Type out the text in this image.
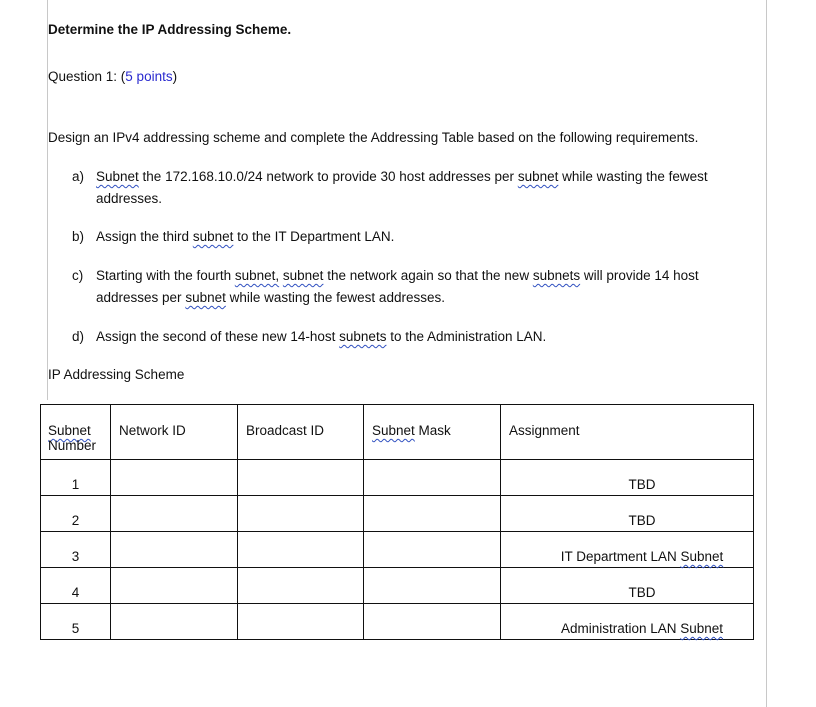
Determine the IP Addressing Scheme.
Question 1: (5 points)
Design an IPv4 addressing scheme and complete the Addressing Table based on the following requirements.
a) Subnet the 172.168.10.0/24 network to provide 30 host addresses per subnet while wasting the fewest
addresses.
b) Assign the third subnet to the IT Department LAN.
c) Starting with the fourth subnet, subnet the network again so that the new subnets will provide 14 host
addresses per subnet while wasting the fewest addresses.
d) Assign the second of these new 14-host subnets to the Administration LAN.
IP Addressing Scheme
Subnet
Number	Network ID	Broadcast ID	Subnet Mask	Assignment
1				TBD
2				TBD
3				IT Department LAN Subnet
4				TBD
5				Administration LAN Subnet
